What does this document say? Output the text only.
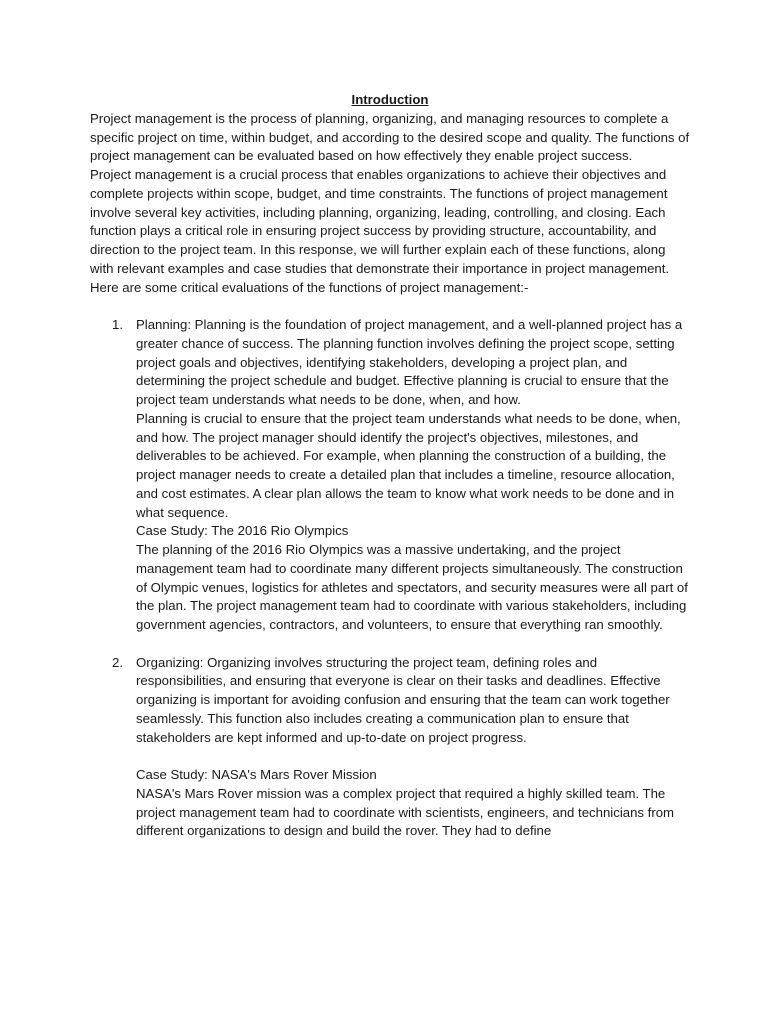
Introduction

Project management is the process of planning, organizing, and managing resources to complete a specific project on time, within budget, and according to the desired scope and quality. The functions of project management can be evaluated based on how effectively they enable project success.

Project management is a crucial process that enables organizations to achieve their objectives and complete projects within scope, budget, and time constraints. The functions of project management involve several key activities, including planning, organizing, leading, controlling, and closing. Each function plays a critical role in ensuring project success by providing structure, accountability, and direction to the project team. In this response, we will further explain each of these functions, along with relevant examples and case studies that demonstrate their importance in project management.

Here are some critical evaluations of the functions of project management:-

1. Planning: Planning is the foundation of project management, and a well-planned project has a greater chance of success. The planning function involves defining the project scope, setting project goals and objectives, identifying stakeholders, developing a project plan, and determining the project schedule and budget. Effective planning is crucial to ensure that the project team understands what needs to be done, when, and how.

Planning is crucial to ensure that the project team understands what needs to be done, when, and how. The project manager should identify the project's objectives, milestones, and deliverables to be achieved. For example, when planning the construction of a building, the project manager needs to create a detailed plan that includes a timeline, resource allocation, and cost estimates. A clear plan allows the team to know what work needs to be done and in what sequence.

Case Study: The 2016 Rio Olympics

The planning of the 2016 Rio Olympics was a massive undertaking, and the project management team had to coordinate many different projects simultaneously. The construction of Olympic venues, logistics for athletes and spectators, and security measures were all part of the plan. The project management team had to coordinate with various stakeholders, including government agencies, contractors, and volunteers, to ensure that everything ran smoothly.

2. Organizing: Organizing involves structuring the project team, defining roles and responsibilities, and ensuring that everyone is clear on their tasks and deadlines. Effective organizing is important for avoiding confusion and ensuring that the team can work together seamlessly. This function also includes creating a communication plan to ensure that stakeholders are kept informed and up-to-date on project progress.

Case Study: NASA's Mars Rover Mission

NASA's Mars Rover mission was a complex project that required a highly skilled team. The project management team had to coordinate with scientists, engineers, and technicians from different organizations to design and build the rover. They had to define
